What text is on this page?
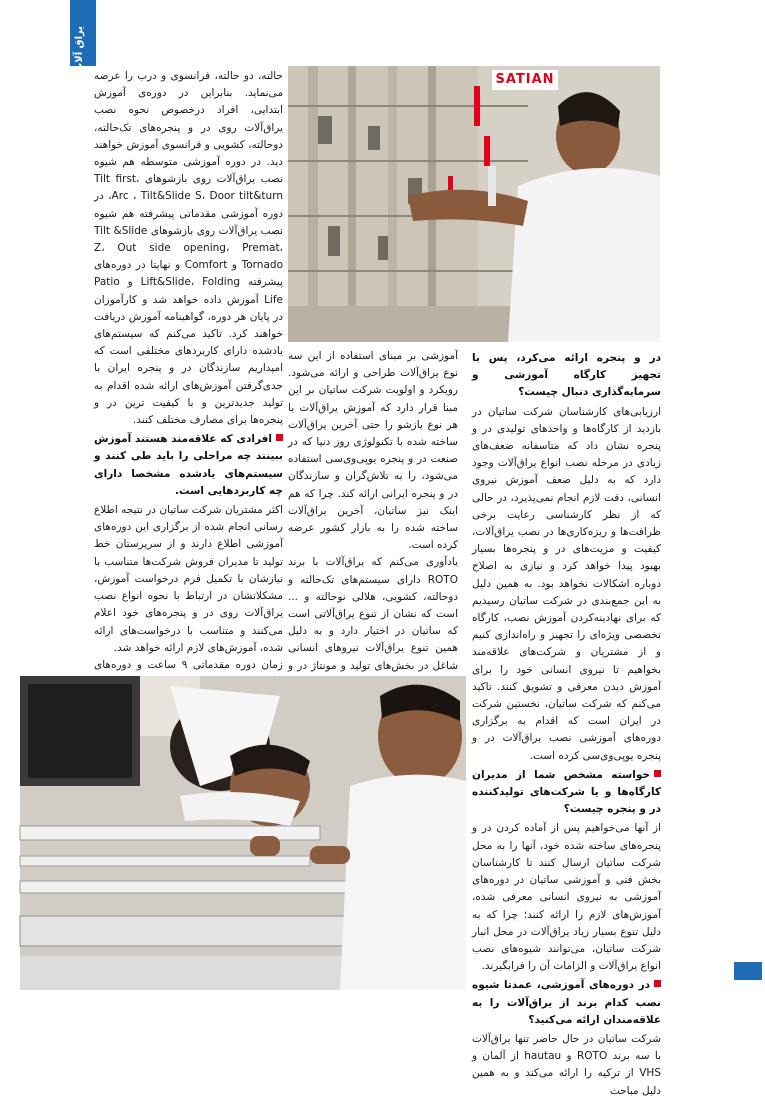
یراق آلات
SATIAN

حالته، دو حالته، فرانسوی و درب را عرضه می‌نماید. بنابراین در دوره‌ی آموزش ابتدایی، افراد درخصوص نحوه نصب یراق‌آلات روی در و پنجره‌های تک‌حالته، دوحالته، کشویی و فرانسوی آموزش خواهند دید. در دوره آموزشی متوسطه هم شیوه نصب یراق‌آلات روی بازشوهای Tilt first، Arc ، Tilt&Slide S، Door tilt&turn، در دوره آموزشی مقدماتی پیشرفته هم شیوه نصب یراق‌آلات روی بازشوهای Tilt &Slide Z، Out side opening، Premat، Tornado و Comfort و نهایتا در دوره‌های پیشرفته Lift&Slide، Folding و Patio Life آموزش داده خواهد شد و کارآموزان در پایان هر دوره، گواهینامه آموزش دریافت خواهند کرد. تاکید می‌کنم که سیستم‌های یادشده دارای کاربردهای مختلفی است که امپداریم سازندگان در و پنجره ایران با جدی‌گرفتن آموزش‌های ارائه شده اقدام به تولید جدیدترین و با کیفیت ترین در و پنجره‌ها برای مصارف مختلف کنند.

افرادی که علاقه‌مند هستند آموزش ببینند چه مراحلی را باید طی کنند و سیستم‌های یادشده مشخصا دارای چه کاربردهایی است.

اکثر مشتریان شرکت ساتیان در نتیجه اطلاع رسانی انجام شده از برگزاری این دوره‌های آموزشی اطلاع دارند و از سرپرستان خط تولید تا مدیران فروش شرکت‌ها متناسب با نیازشان با تکمیل فرم درخواست آموزش، مشکلاتشان در ارتباط با نحوه انواع نصب یراق‌آلات روی در و پنجره‌های خود اعلام می‌کنند و متناسب با درخواست‌های ارائه شده، آموزش‌های لازم ارائه خواهد شد.

زمان دوره مقدماتی ۹ ساعت و دوره‌های

آموزشی بر مبنای استفاده از این سه نوع یراق‌آلات طراحی و ارائه می‌شود. رویکرد و اولویت شرکت ساتیان بر این مبنا قرار دارد که آموزش یراق‌آلات با هر نوع بازشو را حتی آخرین یراق‌آلات ساخته شده با تکنولوژی روز دنیا که در صنعت در و پنجره یوپی‌وی‌سی استفاده می‌شود، را به تلاش‌گران و سازندگان در و پنجره ایرانی ارائه کند. چرا که هم اینک نیز ساتیان، آخرین یراق‌آلات ساخته شده را به بازار کشور عرضه کرده است.

یادآوری می‌کنم که یراق‌آلات با برند ROTO دارای سیستم‌های تک‌حالته و دوحالته، کشویی، هلالی نوحالته و ... است که نشان از تنوع یراق‌آلاتی است که ساتیان در اختیار دارد و به دلیل همین تنوع یراق‌آلات نیروهای انسانی شاغل در بخش‌های تولید و مونتاژ در و

در و پنجره ارائه می‌کرد، پس با تجهیز کارگاه آموزشی و سرمایه‌گذاری دنبال چیست؟

ارزیابی‌های کارشناسان شرکت ساتیان در بازدید از کارگاه‌ها و واحدهای تولیدی در و پنجره نشان داد که متاسفانه ضعف‌های زیادی در مرحله نصب انواع یراق‌آلات وجود دارد که به دلیل ضعف آموزش نیروی انسانی، دقت لازم انجام نمی‌پذیرد، در حالی که از نظر کارشناسی رعایت برخی ظرافت‌ها و ریزه‌کاری‌ها در نصب یراق‌آلات، کیفیت و مزیت‌های در و پنجره‌ها بسیار بهبود پیدا خواهد کرد و نیازی به اصلاح دوباره اشکالات نخواهد بود. به همین دلیل به این جمع‌بندی در شرکت ساتیان رسیدیم که برای نهادینه‌کردن آموزش نصب، کارگاه تخصصی ویژه‌ای را تجهیز و راه‌اندازی کنیم و از مشتریان و شرکت‌های علاقه‌مند بخواهیم تا نیروی انسانی خود را برای آموزش دیدن معرفی و تشویق کنند. تاکید می‌کنم که شرکت ساتیان، نخستین شرکت در ایران است که اقدام به برگزاری دوره‌های آموزشی نصب یراق‌آلات در و پنجره یوپی‌وی‌سی کرده است.

خواسته مشخص شما از مدیران کارگاه‌ها و یا شرکت‌های تولیدکننده در و پنجره چیست؟

از آنها می‌خواهیم پس از آماده کردن در و پنجره‌های ساخته شده خود، آنها را به محل شرکت ساتیان ارسال کنند تا کارشناسان بخش فنی و آموزشی ساتیان در دوره‌های آموزشی به نیروی انسانی معرفی شده، آموزش‌های لازم را ارائه کنند؛ چرا که به دلیل تنوع بسیار زیاد یراق‌آلات در محل انبار شرکت ساتیان، می‌توانند شیوه‌های نصب انواع یراق‌آلات و الزامات آن را فرابگیرند.

در دوره‌های آموزشی، عمدتا شیوه نصب کدام برند از یراق‌آلات را به علاقه‌مندان ارائه می‌کنید؟

شرکت ساتیان در حال حاضر تنها یراق‌آلات با سه برند ROTO و hautau از آلمان و VHS از ترکیه را ارائه می‌کند و به همین دلیل مباحث
